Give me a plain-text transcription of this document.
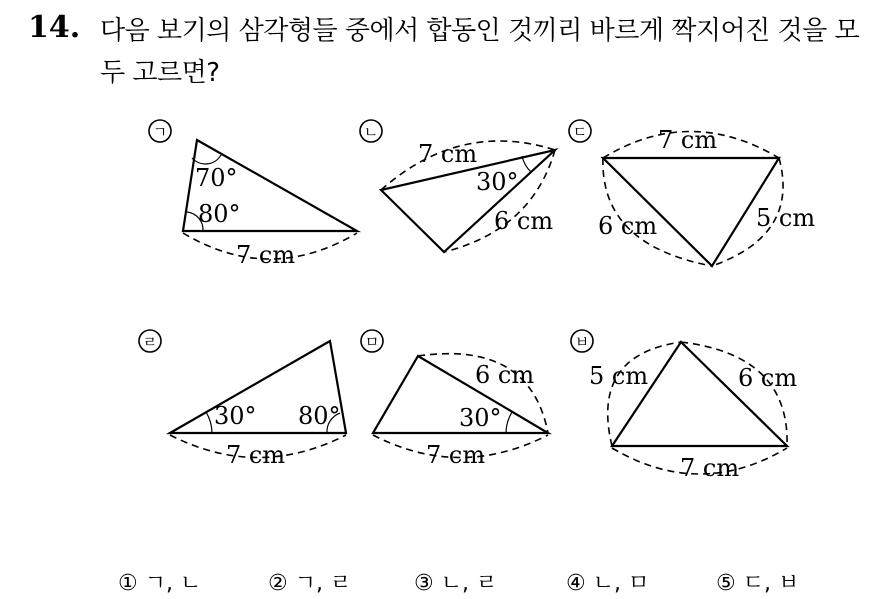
14. 다음 보기의 삼각형들 중에서 합동인 것끼리 바르게 짝지어진 것을 모두 고르면?
ㄱ	ㄴ	ㄷ
ㄹ	ㅁ	ㅂ
70°
80°
7 cm
7 cm
30°
6 cm
7 cm
6 cm	5 cm
30° 80°
7 cm
6 cm
30°
7 cm
5 cm	6 cm
7 cm
① ㄱ, ㄴ	② ㄱ, ㄹ	③ ㄴ, ㄹ	④ ㄴ, ㅁ	⑤ ㄷ, ㅂ
